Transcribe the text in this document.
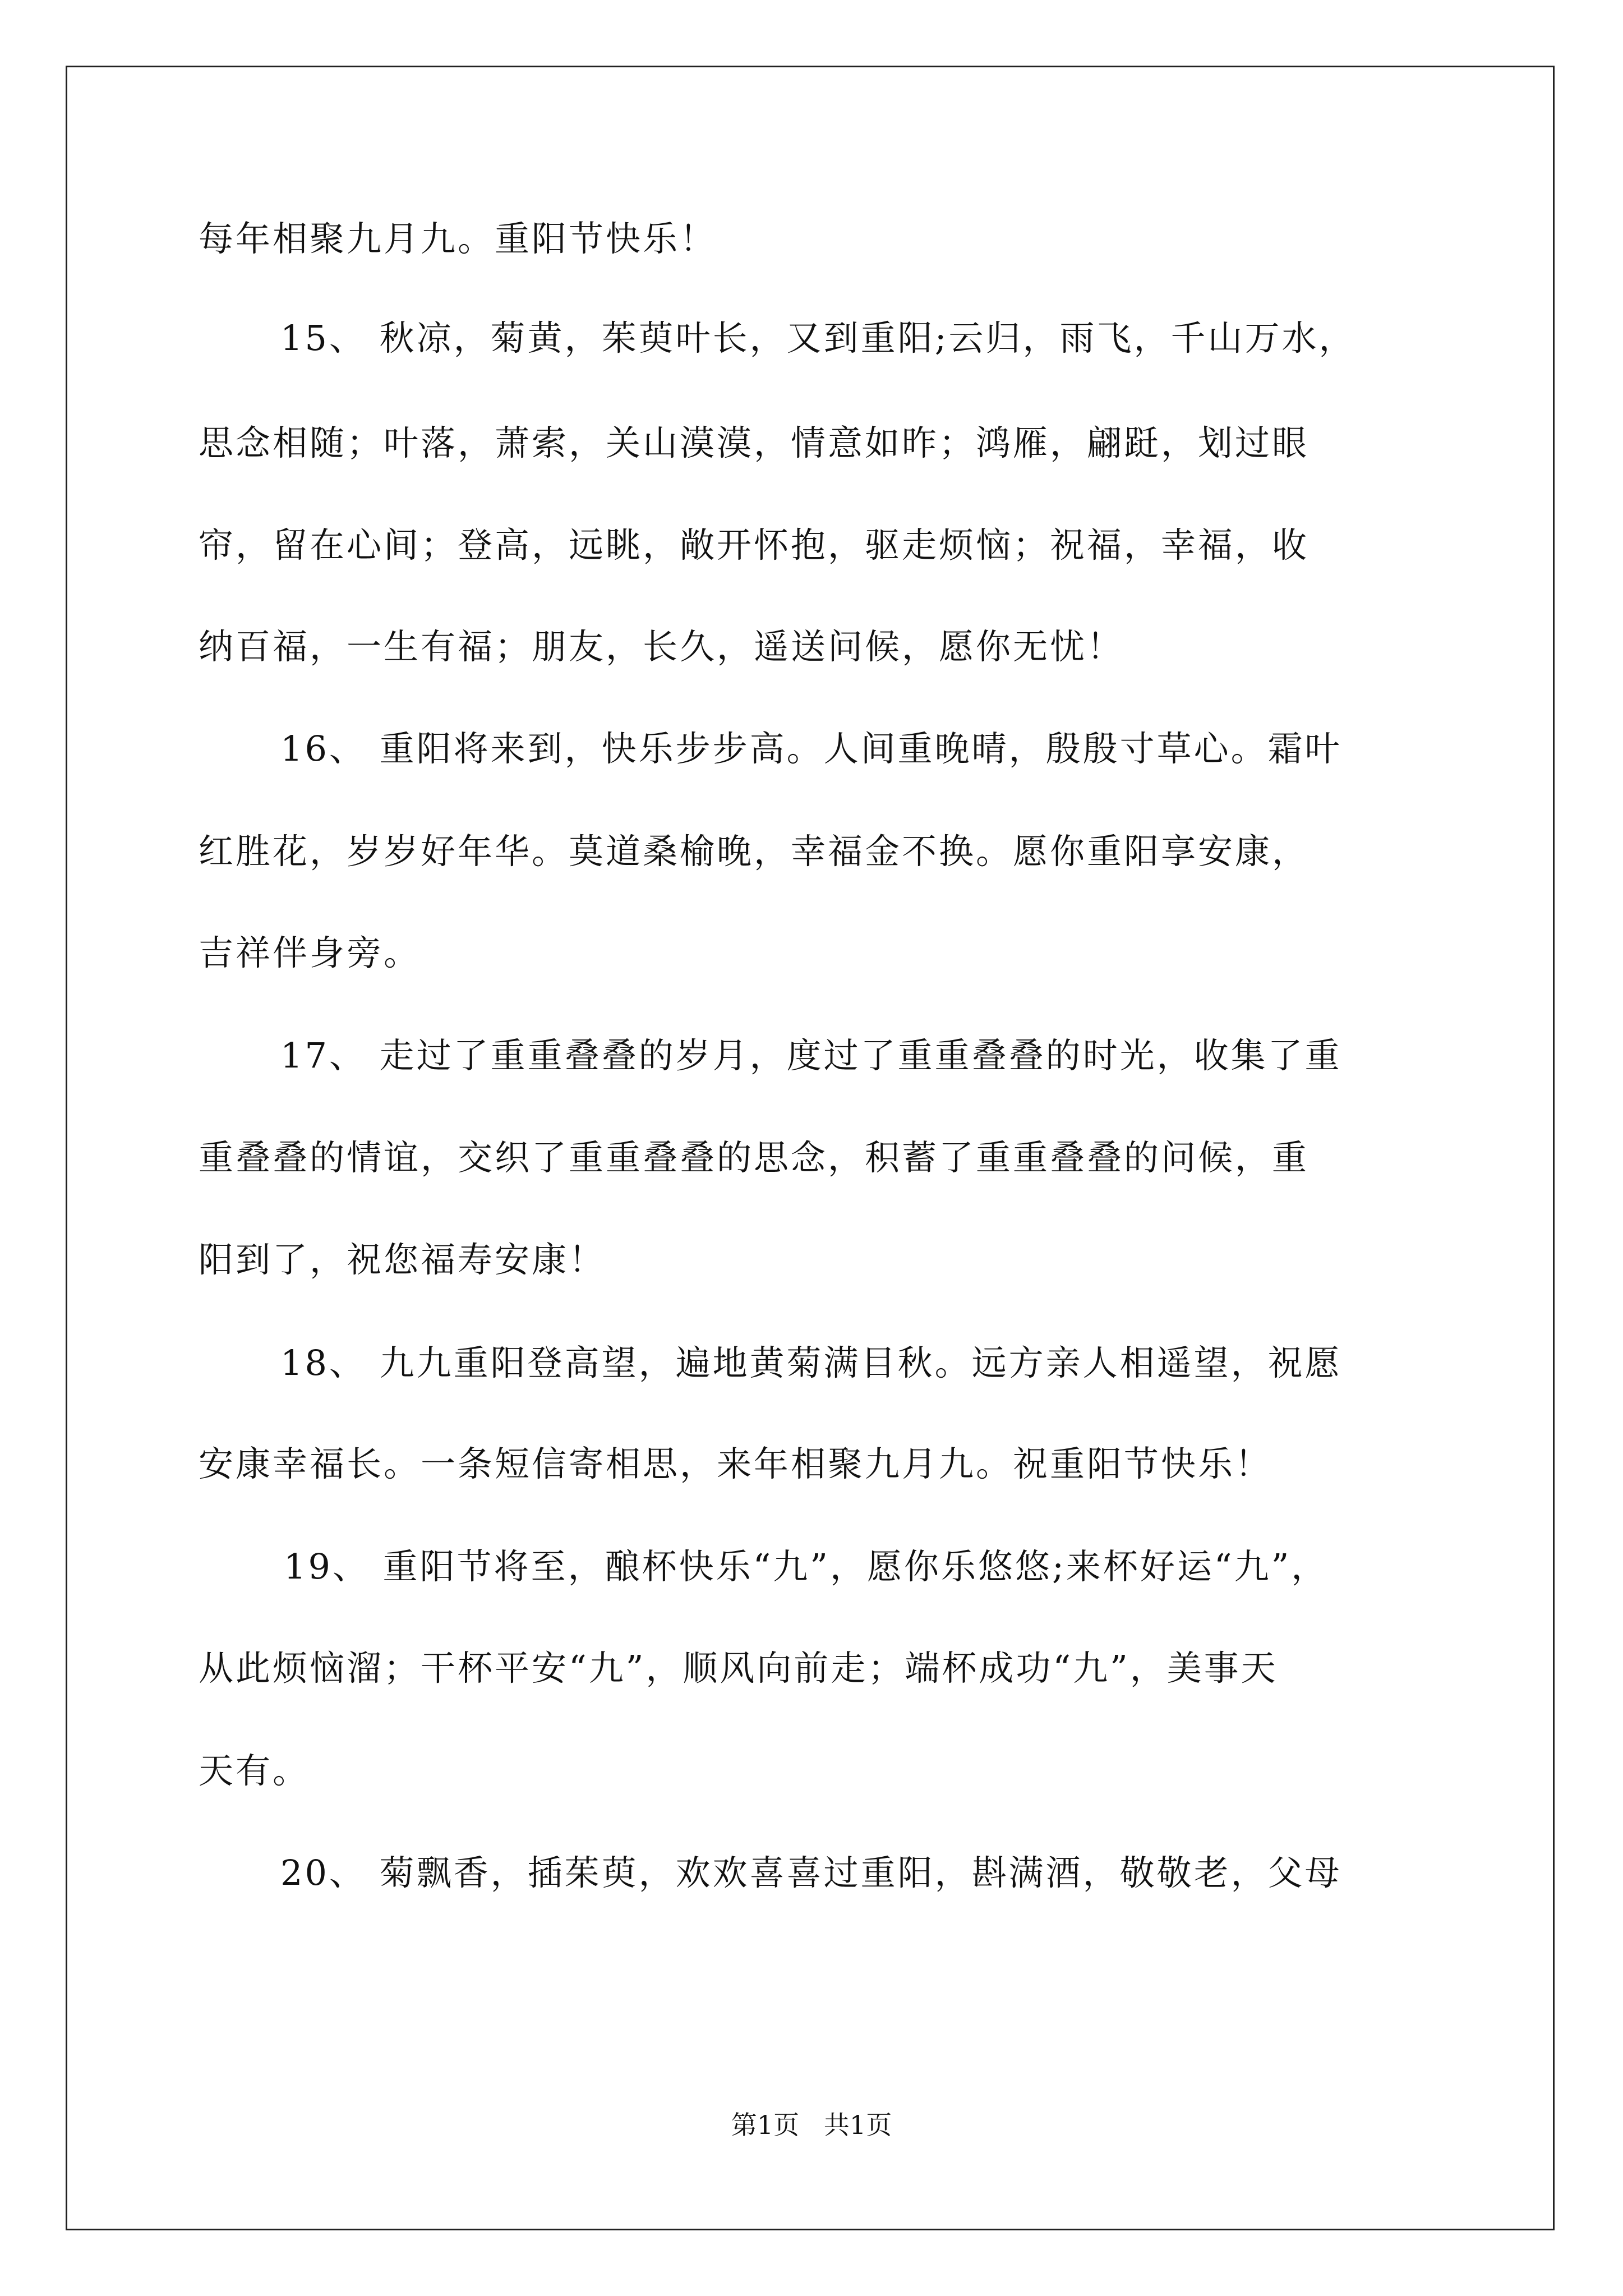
每年相聚九月九。重阳节快乐！
15、 秋凉，菊黄，茱萸叶长，又到重阳;云归，雨飞，千山万水，
思念相随；叶落，萧索，关山漠漠，情意如昨；鸿雁，翩跹，划过眼
帘，留在心间；登高，远眺，敞开怀抱，驱走烦恼；祝福，幸福，收
纳百福，一生有福；朋友，长久，遥送问候，愿你无忧！
16、 重阳将来到，快乐步步高。人间重晚晴，殷殷寸草心。霜叶
红胜花，岁岁好年华。莫道桑榆晚，幸福金不换。愿你重阳享安康，
吉祥伴身旁。
17、 走过了重重叠叠的岁月，度过了重重叠叠的时光，收集了重
重叠叠的情谊，交织了重重叠叠的思念，积蓄了重重叠叠的问候，重
阳到了，祝您福寿安康！
18、 九九重阳登高望，遍地黄菊满目秋。远方亲人相遥望，祝愿
安康幸福长。一条短信寄相思，来年相聚九月九。祝重阳节快乐！
19、 重阳节将至，酿杯快乐“九”，愿你乐悠悠;来杯好运“九”，
从此烦恼溜；干杯平安“九”，顺风向前走；端杯成功“九”，美事天
天有。
20、 菊飘香，插茱萸，欢欢喜喜过重阳，斟满酒，敬敬老，父母
第1页   共1页
